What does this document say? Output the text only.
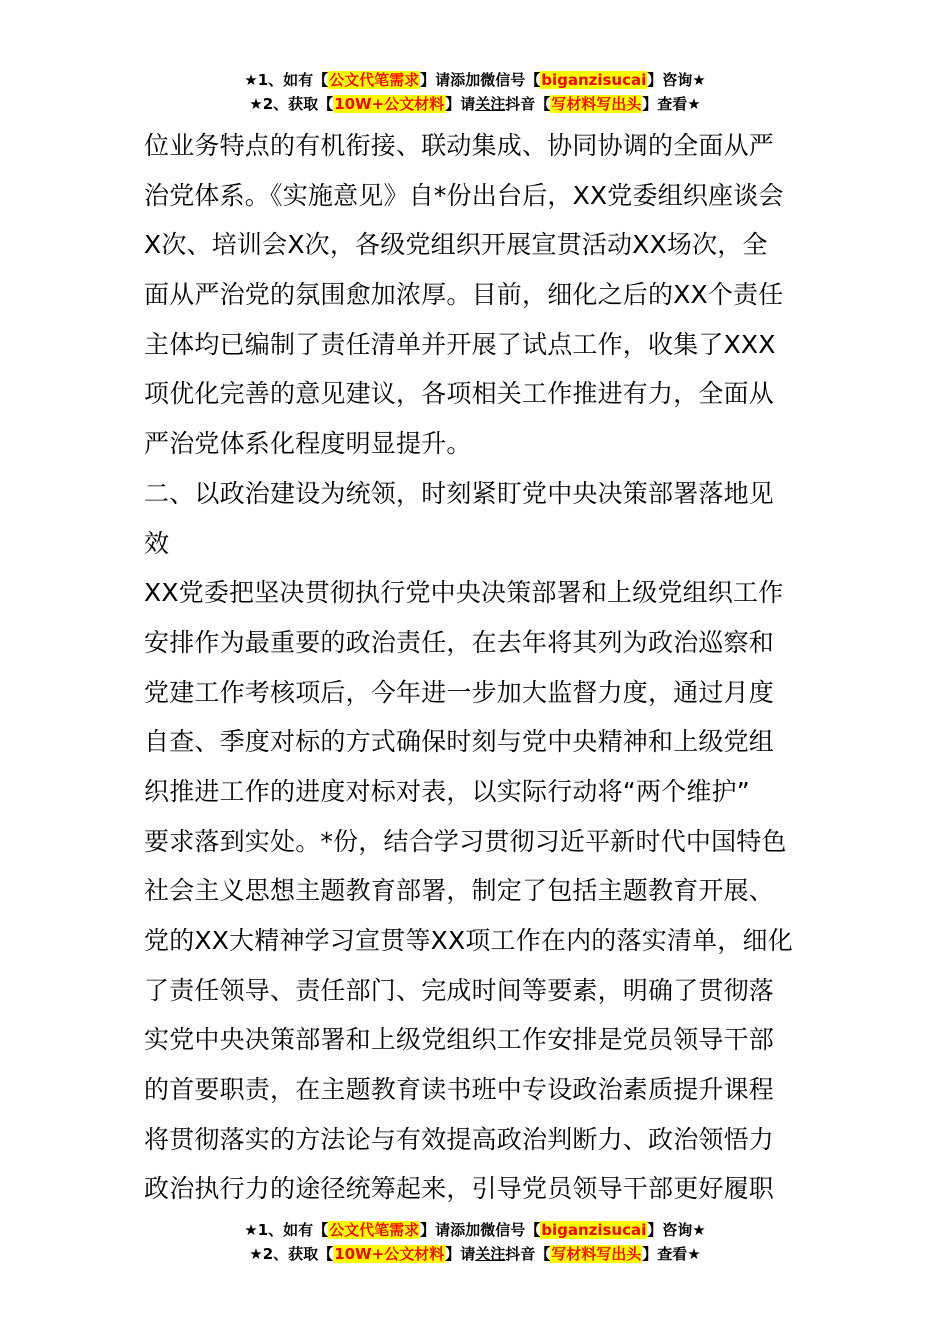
★1、如有【公文代笔需求】请添加微信号【biganzisucai】咨询★
★2、获取【10W+公文材料】请关注抖音【写材料写出头】查看★
位业务特点的有机衔接、联动集成、协同协调的全面从严
治党体系。《实施意见》自*份出台后，XX党委组织座谈会
X次、培训会X次，各级党组织开展宣贯活动XX场次，全
面从严治党的氛围愈加浓厚。目前，细化之后的XX个责任
主体均已编制了责任清单并开展了试点工作，收集了XXX
项优化完善的意见建议，各项相关工作推进有力，全面从
严治党体系化程度明显提升。
二、以政治建设为统领，时刻紧盯党中央决策部署落地见
效
XX党委把坚决贯彻执行党中央决策部署和上级党组织工作
安排作为最重要的政治责任，在去年将其列为政治巡察和
党建工作考核项后，今年进一步加大监督力度，通过月度
自查、季度对标的方式确保时刻与党中央精神和上级党组
织推进工作的进度对标对表，以实际行动将“两个维护”
要求落到实处。*份，结合学习贯彻习近平新时代中国特色
社会主义思想主题教育部署，制定了包括主题教育开展、
党的XX大精神学习宣贯等XX项工作在内的落实清单，细化
了责任领导、责任部门、完成时间等要素，明确了贯彻落
实党中央决策部署和上级党组织工作安排是党员领导干部
的首要职责，在主题教育读书班中专设政治素质提升课程
将贯彻落实的方法论与有效提高政治判断力、政治领悟力
政治执行力的途径统筹起来，引导党员领导干部更好履职
★1、如有【公文代笔需求】请添加微信号【biganzisucai】咨询★
★2、获取【10W+公文材料】请关注抖音【写材料写出头】查看★
